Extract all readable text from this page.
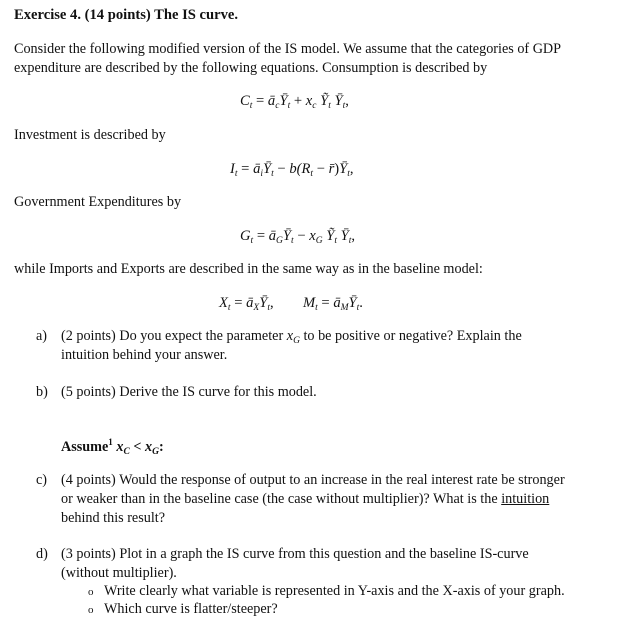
Exercise 4. (14 points) The IS curve.
Consider the following modified version of the IS model. We assume that the categories of GDP
expenditure are described by the following equations. Consumption is described by
$C_t$ = $ā_cȲ_t + x_c$ Ỹ$_t$ $Ȳ_t$,
Investment is described by
$I_t$ = $ā_iȲ_t - b(R_t$ − $r̄)Ȳ_t$,
Government Expenditures by
$G_t$ = $ā_GȲ_t - x_G$ Ỹ$_t$ $Ȳ_t$,
while Imports and Exports are described in the same way as in the baseline model:
$X_t$ = $ā_XȲ_t$, $M_t$ = $ā_MȲ_t$.
a) (2 points) Do you expect the parameter $x_G$ to be positive or negative? Explain the
intuition behind your answer.
b) (5 points) Derive the IS curve for this model.
Assume$^1$ $x_C < x_G$:
c) (4 points) Would the response of output to an increase in the real interest rate be stronger
or weaker than in the baseline case (the case without multiplier)? What is the intuition
behind this result?
d) (3 points) Plot in a graph the IS curve from this question and the baseline IS-curve
(without multiplier).
o Write clearly what variable is represented in Y-axis and the X-axis of your graph.
o Which curve is flatter/steeper?
